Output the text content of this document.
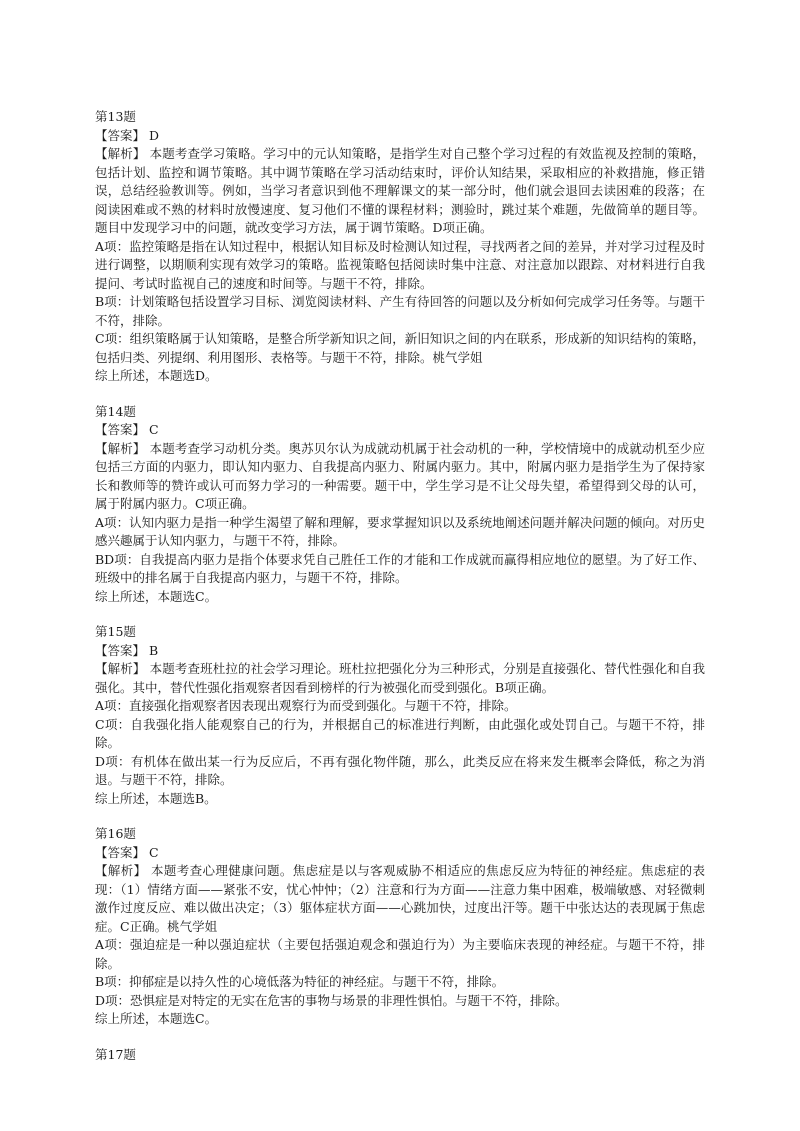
第13题

【答案】 D

【解析】 本题考查学习策略。学习中的元认知策略，是指学生对自己整个学习过程的有效监视及控制的策略，包括计划、监控和调节策略。其中调节策略在学习活动结束时，评价认知结果，采取相应的补救措施，修正错误，总结经验教训等。例如，当学习者意识到他不理解课文的某一部分时，他们就会退回去读困难的段落；在阅读困难或不熟的材料时放慢速度、复习他们不懂的课程材料；测验时，跳过某个难题，先做简单的题目等。题目中发现学习中的问题，就改变学习方法，属于调节策略。D项正确。

A项：监控策略是指在认知过程中，根据认知目标及时检测认知过程，寻找两者之间的差异，并对学习过程及时进行调整，以期顺利实现有效学习的策略。监视策略包括阅读时集中注意、对注意加以跟踪、对材料进行自我提问、考试时监视自己的速度和时间等。与题干不符，排除。

B项：计划策略包括设置学习目标、浏览阅读材料、产生有待回答的问题以及分析如何完成学习任务等。与题干不符，排除。

C项：组织策略属于认知策略，是整合所学新知识之间，新旧知识之间的内在联系，形成新的知识结构的策略，包括归类、列提纲、利用图形、表格等。与题干不符，排除。桃气学姐

综上所述，本题选D。

第14题

【答案】 C

【解析】 本题考查学习动机分类。奥苏贝尔认为成就动机属于社会动机的一种，学校情境中的成就动机至少应包括三方面的内驱力，即认知内驱力、自我提高内驱力、附属内驱力。其中，附属内驱力是指学生为了保持家长和教师等的赞许或认可而努力学习的一种需要。题干中，学生学习是不让父母失望，希望得到父母的认可，属于附属内驱力。C项正确。

A项：认知内驱力是指一种学生渴望了解和理解，要求掌握知识以及系统地阐述问题并解决问题的倾向。对历史感兴趣属于认知内驱力，与题干不符，排除。

BD项：自我提高内驱力是指个体要求凭自己胜任工作的才能和工作成就而赢得相应地位的愿望。为了好工作、班级中的排名属于自我提高内驱力，与题干不符，排除。

综上所述，本题选C。

第15题

【答案】 B

【解析】 本题考查班杜拉的社会学习理论。班杜拉把强化分为三种形式，分别是直接强化、替代性强化和自我强化。其中，替代性强化指观察者因看到榜样的行为被强化而受到强化。B项正确。

A项：直接强化指观察者因表现出观察行为而受到强化。与题干不符，排除。

C项：自我强化指人能观察自己的行为，并根据自己的标准进行判断，由此强化或处罚自己。与题干不符，排除。

D项：有机体在做出某一行为反应后，不再有强化物伴随，那么，此类反应在将来发生概率会降低，称之为消退。与题干不符，排除。

综上所述，本题选B。

第16题

【答案】 C

【解析】 本题考查心理健康问题。焦虑症是以与客观威胁不相适应的焦虑反应为特征的神经症。焦虑症的表现：（1）情绪方面——紧张不安，忧心忡忡；（2）注意和行为方面——注意力集中困难，极端敏感、对轻微刺激作过度反应、难以做出决定；（3）躯体症状方面——心跳加快，过度出汗等。题干中张达达的表现属于焦虑症。C正确。桃气学姐

A项：强迫症是一种以强迫症状（主要包括强迫观念和强迫行为）为主要临床表现的神经症。与题干不符，排除。

B项：抑郁症是以持久性的心境低落为特征的神经症。与题干不符，排除。

D项：恐惧症是对特定的无实在危害的事物与场景的非理性惧怕。与题干不符，排除。

综上所述，本题选C。

第17题
